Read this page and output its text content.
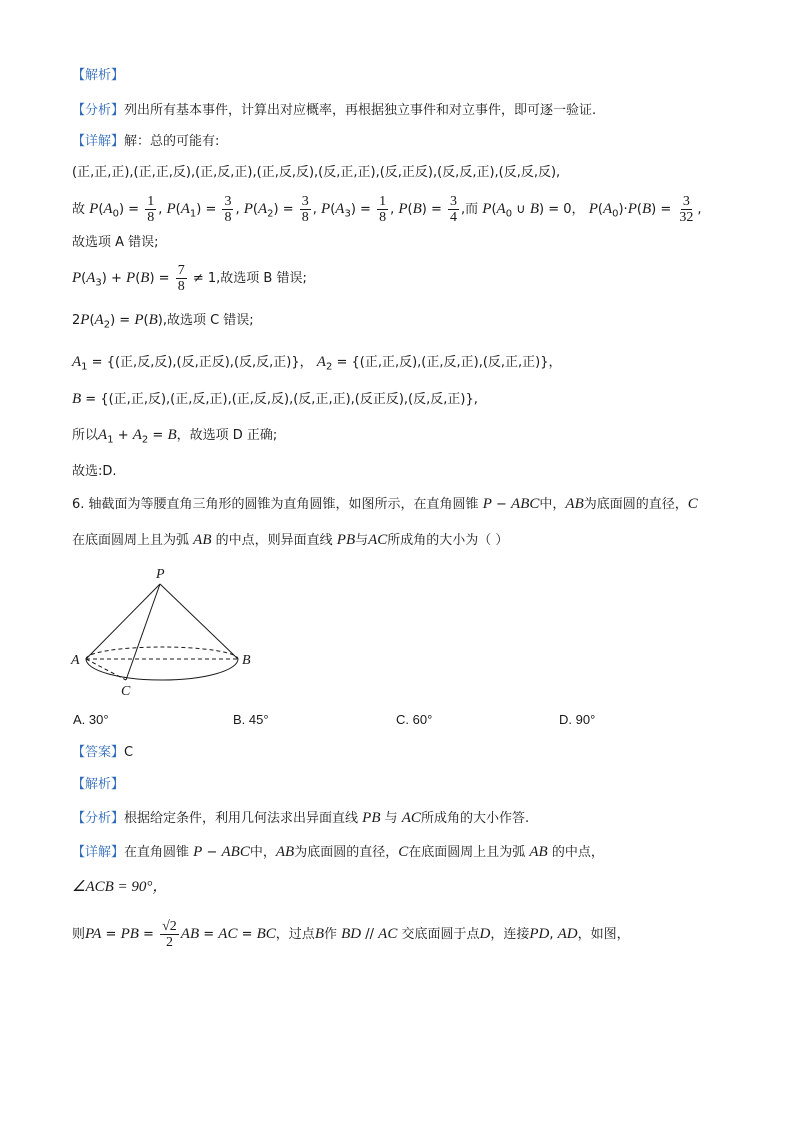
【解析】
【分析】列出所有基本事件，计算出对应概率，再根据独立事件和对立事件，即可逐一验证.
【详解】解：总的可能有:
(正,正,正),(正,正,反),(正,反,正),(正,反,反),(反,正,正),(反,正反),(反,反,正),(反,反,反),
故 $P(A_0) = \frac{1}{8}$ , $P(A_1) = \frac{3}{8}$ , $P(A_2) = \frac{3}{8}$ , $P(A_3) = \frac{1}{8}$ , $P(B) = \frac{3}{4}$ ,而 $P(A_0$ ∪ B) = 0， $P(A_0)\cdot P(B) = \frac{3}{32}$ ,
故选项 A 错误;
$P(A_3) + P(B) = \frac{7}{8} \ne 1$,故选项 B 错误;
$2P(A_2) = P(B)$,故选项 C 错误;
$A_1$ = {(正,反,反),(反,正反),(反,反,正)}， $A_2$ = {(正,正,反),(正,反,正),(反,正,正)}，
B = {(正,正,反),(正,反,正),(正,反,反),(反,正,正),(反正反),(反,反,正)},
所以$A_1 + A_2 = B$，故选项 D 正确;
故选:D.
6. 轴截面为等腰直角三角形的圆锥为直角圆锥，如图所示，在直角圆锥 P − ABC中，AB为底面圆的直径，C
在底面圆周上且为弧 AB 的中点，则异面直线 PB与AC所成角的大小为（ ）
P
A	B
C
A. 30°	B. 45°	C. 60°	D. 90°
【答案】C
【解析】
【分析】根据给定条件，利用几何法求出异面直线 PB 与 AC所成角的大小作答.
【详解】在直角圆锥 P − ABC中，AB为底面圆的直径，C在底面圆周上且为弧 AB 的中点，
∠ACB = 90°，
则PA = PB = $\frac{√2}{2}$ AB = AC = BC，过点B作 BD // AC 交底面圆于点D，连接PD, AD，如图，
